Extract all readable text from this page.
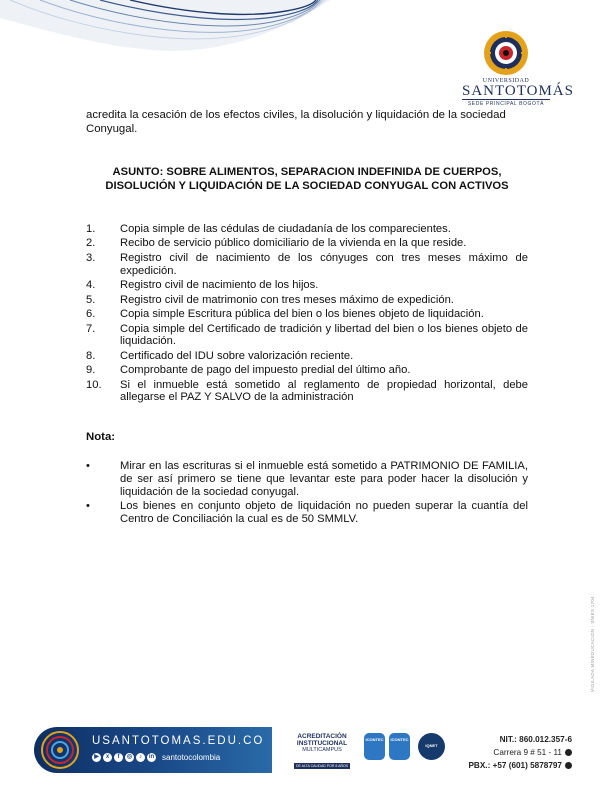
UNIVERSIDAD
SANTOTOMÁS
SEDE PRINCIPAL BOGOTÁ
acredita la cesación de los efectos civiles, la disolución y liquidación de la sociedad Conyugal.
ASUNTO: SOBRE ALIMENTOS, SEPARACION INDEFINIDA DE CUERPOS,
DISOLUCIÓN Y LIQUIDACIÓN DE LA SOCIEDAD CONYUGAL CON ACTIVOS
1.	Copia simple de las cédulas de ciudadanía de los comparecientes.
2.	Recibo de servicio público domiciliario de la vivienda en la que reside.
3.	Registro civil de nacimiento de los cónyuges con tres meses máximo de expedición.
4.	Registro civil de nacimiento de los hijos.
5.	Registro civil de matrimonio con tres meses máximo de expedición.
6.	Copia simple Escritura pública del bien o los bienes objeto de liquidación.
7.	Copia simple del Certificado de tradición y libertad del bien o los bienes objeto de liquidación.
8.	Certificado del IDU sobre valorización reciente.
9.	Comprobante de pago del impuesto predial del último año.
10.	Si el inmueble está sometido al reglamento de propiedad horizontal, debe allegarse el PAZ Y SALVO de la administración
Nota:
•	Mirar en las escrituras si el inmueble está sometido a PATRIMONIO DE FAMILIA, de ser así primero se tiene que levantar este para poder hacer la disolución y liquidación de la sociedad conyugal.
•	Los bienes en conjunto objeto de liquidación no pueden superar la cuantía del Centro de Conciliación la cual es de 50 SMMLV.
VIGILADA MINEDUCACIÓN - SNIES 1704
USANTOTOMAS.EDU.CO
▶	x	f	◎	♪	in santotocolombia
ACREDITACIÓN
INSTITUCIONAL
MULTICAMPUS
DE ALTA CALIDAD POR 8 AÑOS
ICONTEC	ICONTEC
IQNET
NIT.: 860.012.357-6
Carrera 9 # 51 - 11
PBX.: +57 (601) 5878797
